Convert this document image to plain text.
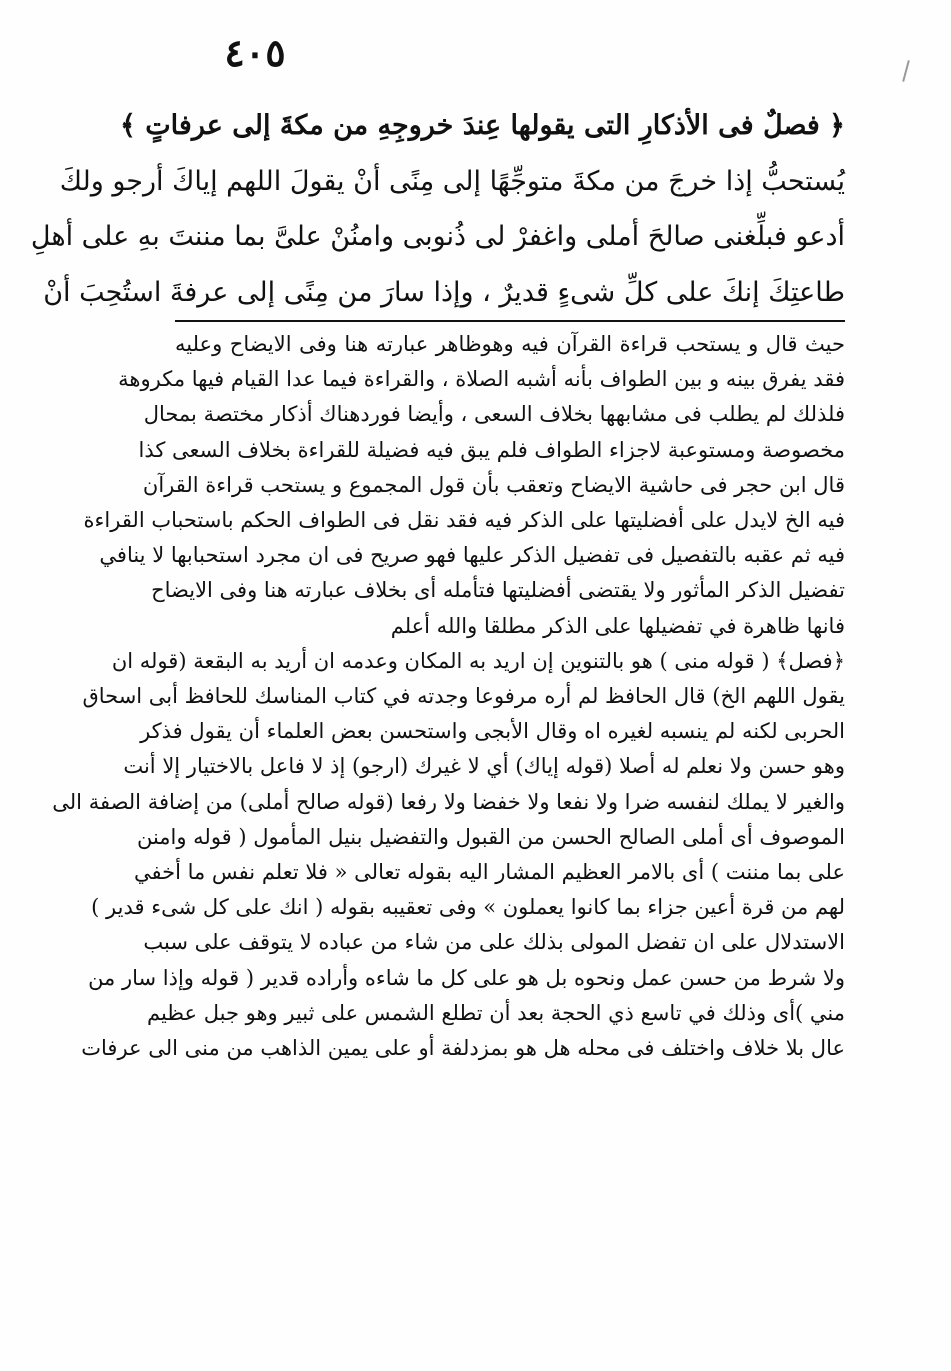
٤٠٥
﴿ فصلٌ فى الأذكارِ التى يقولها عِندَ خروجِهِ من مكةَ إلى عرفاتٍ ﴾
يُستحبُّ إذا خرجَ من مكةَ متوجِّهًا إلى مِنًى أنْ يقولَ اللهم إياكَ أرجو ولكَ
أدعو فبلِّغنى صالحَ أملى واغفرْ لى ذُنوبى وامنُنْ علىَّ بما مننتَ بهِ على أهلِ
طاعتِكَ إنكَ على كلِّ شىءٍ قديرٌ ، وإذا سارَ من مِنًى إلى عرفةَ استُحِبَ أنْ
حيث قال و يستحب قراءة القرآن فيه وهوظاهر عبارته هنا وفى الايضاح وعليه
فقد يفرق بينه و بين الطواف بأنه أشبه الصلاة ، والقراءة فيما عدا القيام فيها مكروهة
فلذلك لم يطلب فى مشابهها بخلاف السعى ، وأيضا فوردهناك أذكار مختصة بمحال
مخصوصة ومستوعبة لاجزاء الطواف فلم يبق فيه فضيلة للقراءة بخلاف السعى كذا
قال ابن حجر فى حاشية الايضاح وتعقب بأن قول المجموع و يستحب قراءة القرآن
فيه الخ لايدل على أفضليتها على الذكر فيه فقد نقل فى الطواف الحكم باستحباب القراءة
فيه ثم عقبه بالتفصيل فى تفضيل الذكر عليها فهو صريح فى ان مجرد استحبابها لا ينافي
تفضيل الذكر المأثور ولا يقتضى أفضليتها فتأمله أى بخلاف عبارته هنا وفى الايضاح
فانها ظاهرة في تفضيلها على الذكر مطلقا والله أعلم
﴿فصل﴾ ( قوله منى ) هو بالتنوين إن اريد به المكان وعدمه ان أريد به البقعة (قوله ان
يقول اللهم الخ) قال الحافظ لم أره مرفوعا وجدته في كتاب المناسك للحافظ أبى اسحاق
الحربى لكنه لم ينسبه لغيره اه وقال الأبجى واستحسن بعض العلماء أن يقول فذكر
وهو حسن ولا نعلم له أصلا (قوله إياك) أي لا غيرك (ارجو) إذ لا فاعل بالاختيار إلا أنت
والغير لا يملك لنفسه ضرا ولا نفعا ولا خفضا ولا رفعا (قوله صالح أملى) من إضافة الصفة الى
الموصوف أى أملى الصالح الحسن من القبول والتفضيل بنيل المأمول ( قوله وامنن
على بما مننت ) أى بالامر العظيم المشار اليه بقوله تعالى « فلا تعلم نفس ما أخفي
لهم من قرة أعين جزاء بما كانوا يعملون » وفى تعقيبه بقوله ( انك على كل شىء قدير )
الاستدلال على ان تفضل المولى بذلك على من شاء من عباده لا يتوقف على سبب
ولا شرط من حسن عمل ونحوه بل هو على كل ما شاءه وأراده قدير ( قوله وإذا سار من
مني )أى وذلك في تاسع ذي الحجة بعد أن تطلع الشمس على ثبير وهو جبل عظيم
عال بلا خلاف واختلف فى محله هل هو بمزدلفة أو على يمين الذاهب من منى الى عرفات
